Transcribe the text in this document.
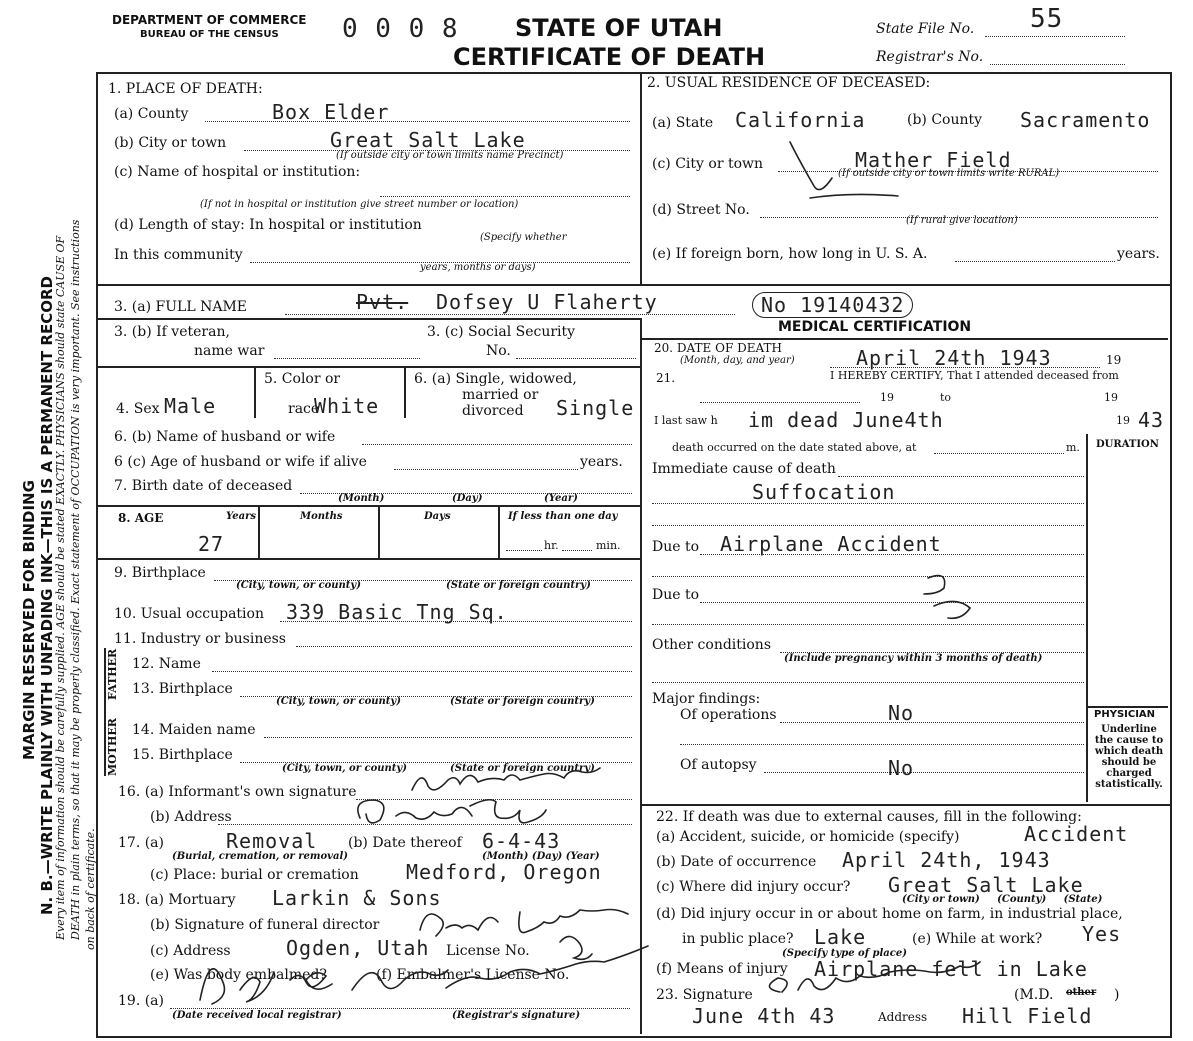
N. B.—WRITE PLAINLY WITH UNFADING INK—THIS IS A PERMANENT RECORD
MARGIN RESERVED FOR BINDING Every item of information should be carefully supplied. AGE should be stated EXACTLY. PHYSICIANS should state CAUSE OF DEATH in plain terms, so that it may be properly classified. Exact statement of OCCUPATION is very important. See instructions on back of certificate.
DEPARTMENT OF COMMERCE
BUREAU OF THE CENSUS 0 0 0 8 STATE OF UTAH
CERTIFICATE OF DEATH
State File No. 55
Registrar's No.
1. PLACE OF DEATH:
(a) County	Box Elder
(b) City or town	Great Salt Lake
(If outside city or town limits name Precinct)
(c) Name of hospital or institution:
(If not in hospital or institution give street number or location)
(d) Length of stay: In hospital or institution
(Specify whether
In this community
years, months or days)
2. USUAL RESIDENCE OF DECEASED:
(a) State California	(b) County Sacramento
(c) City or town	Mather Field
(If outside city or town limits write RURAL)
(d) Street No.
(If rural give location)
(e) If foreign born, how long in U. S. A.	years.
3. (a) FULL NAME	Pvt. Dofsey U Flaherty	No 19140432
3. (b) If veteran,
name war
3. (c) Social Security
No.
4. Sex Male
5. Color or
race
White
6. (a) Single, widowed,
married or
divorced Single
6. (b) Name of husband or wife
6 (c) Age of husband or wife if alive	years.
7. Birth date of deceased
(Month)	(Day)	(Year)
8. AGE	Years	Months	Days	If less than one day
27	hr.	min.
9. Birthplace
(City, town, or county)	(State or foreign country)
10. Usual occupation 339 Basic Tng Sq.
11. Industry or business
FATHER
MOTHER
12. Name
13. Birthplace
(City, town, or county)	(State or foreign country)
14. Maiden name
15. Birthplace
(City, town, or county)	(State or foreign country)
16. (a) Informant's own signature
(b) Address
17. (a)	Removal (b) Date thereof 6-4-43
(Burial, cremation, or removal)	(Month) (Day) (Year)
(c) Place: burial or cremation Medford, Oregon
18. (a) Mortuary Larkin & Sons
(b) Signature of funeral director
(c) Address	Ogden, Utah License No.
(e) Was body embalmed?	(f) Embalmer's License No.
19. (a)
(Date received local registrar)	(Registrar's signature)
MEDICAL CERTIFICATION
20. DATE OF DEATH
(Month, day, and year)	April 24th 1943	19
21.	I HEREBY CERTIFY, That I attended deceased from
19	to	19
I last saw h im dead June4th	19 43
death occurred on the date stated above, at	m. DURATION
Immediate cause of death
Suffocation
Due to Airplane Accident
Due to
Other conditions
(Include pregnancy within 3 months of death)
Major findings:
Of operations	No
Of autopsy	No
PHYSICIAN
Underline the cause to which death should be charged statistically.
22. If death was due to external causes, fill in the following:
(a) Accident, suicide, or homicide (specify)	Accident
(b) Date of occurrence April 24th, 1943
(c) Where did injury occur? Great Salt Lake
(City or town)     (County)     (State)
(d) Did injury occur in or about home on farm, in industrial place,
in public place? Lake	(e) While at work? Yes
(Specify type of place)
(f) Means of injury Airplane fell in Lake
23. Signature	(M.D. other )
June 4th 43	Address Hill Field
